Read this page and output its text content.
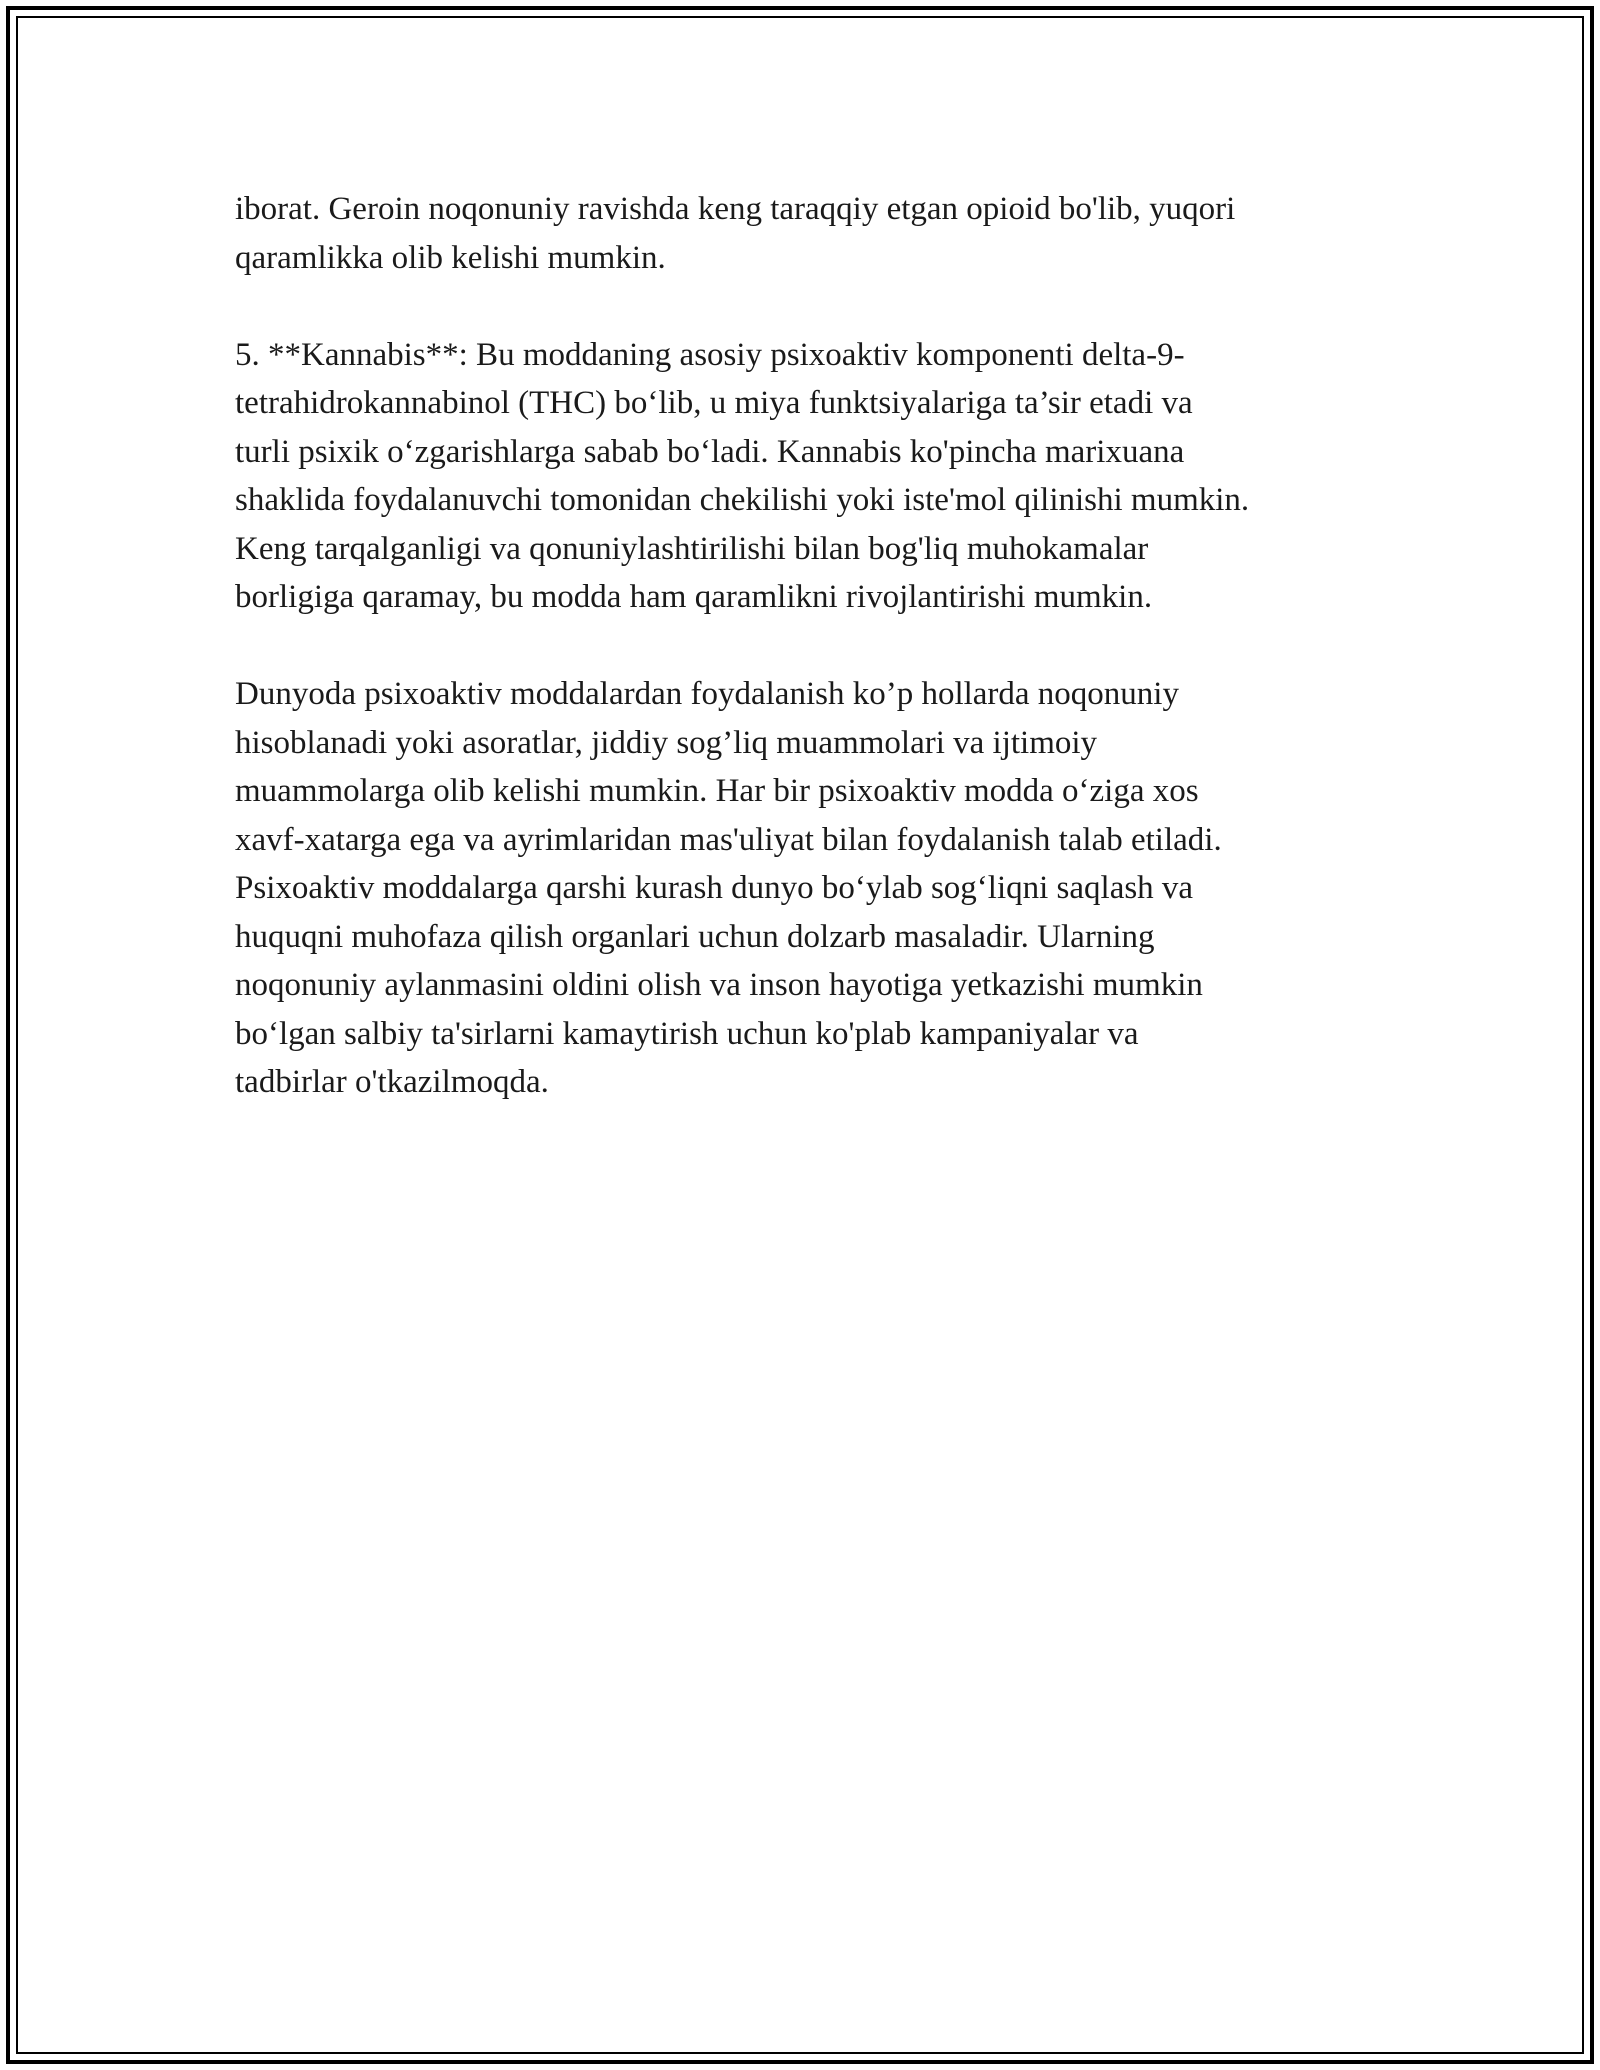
iborat. Geroin noqonuniy ravishda keng taraqqiy etgan opioid bo'lib, yuqori
qaramlikka olib kelishi mumkin.

5. **Kannabis**: Bu moddaning asosiy psixoaktiv komponenti delta-9-
tetrahidrokannabinol (THC) bo‘lib, u miya funktsiyalariga ta’sir etadi va
turli psixik o‘zgarishlarga sabab bo‘ladi. Kannabis ko'pincha marixuana
shaklida foydalanuvchi tomonidan chekilishi yoki iste'mol qilinishi mumkin.
Keng tarqalganligi va qonuniylashtirilishi bilan bog'liq muhokamalar
borligiga qaramay, bu modda ham qaramlikni rivojlantirishi mumkin.

Dunyoda psixoaktiv moddalardan foydalanish ko’p hollarda noqonuniy
hisoblanadi yoki asoratlar, jiddiy sog’liq muammolari va ijtimoiy
muammolarga olib kelishi mumkin. Har bir psixoaktiv modda o‘ziga xos
xavf-xatarga ega va ayrimlaridan mas'uliyat bilan foydalanish talab etiladi.
Psixoaktiv moddalarga qarshi kurash dunyo bo‘ylab sog‘liqni saqlash va
huquqni muhofaza qilish organlari uchun dolzarb masaladir. Ularning
noqonuniy aylanmasini oldini olish va inson hayotiga yetkazishi mumkin
bo‘lgan salbiy ta'sirlarni kamaytirish uchun ko'plab kampaniyalar va
tadbirlar o'tkazilmoqda.
